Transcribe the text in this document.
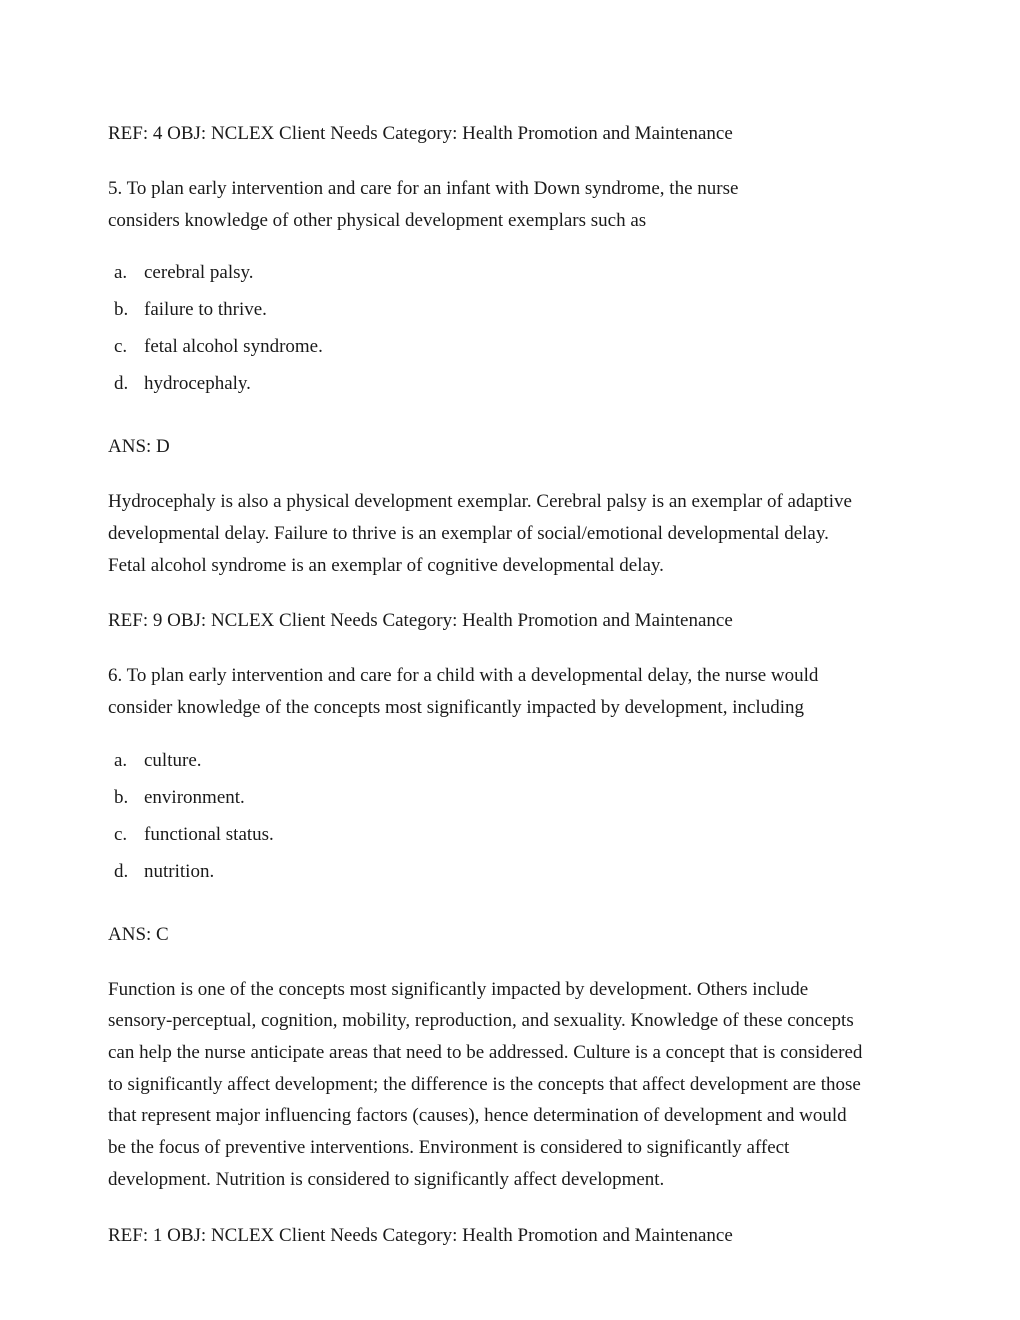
REF: 4 OBJ: NCLEX Client Needs Category: Health Promotion and Maintenance
5. To plan early intervention and care for an infant with Down syndrome, the nurse
considers knowledge of other physical development exemplars such as
a. cerebral palsy.
b. failure to thrive.
c. fetal alcohol syndrome.
d. hydrocephaly.
ANS: D
Hydrocephaly is also a physical development exemplar. Cerebral palsy is an exemplar of adaptive
developmental delay. Failure to thrive is an exemplar of social/emotional developmental delay.
Fetal alcohol syndrome is an exemplar of cognitive developmental delay.
REF: 9 OBJ: NCLEX Client Needs Category: Health Promotion and Maintenance
6. To plan early intervention and care for a child with a developmental delay, the nurse would
consider knowledge of the concepts most significantly impacted by development, including
a. culture.
b. environment.
c. functional status.
d. nutrition.
ANS: C
Function is one of the concepts most significantly impacted by development. Others include
sensory-perceptual, cognition, mobility, reproduction, and sexuality. Knowledge of these concepts
can help the nurse anticipate areas that need to be addressed. Culture is a concept that is considered
to significantly affect development; the difference is the concepts that affect development are those
that represent major influencing factors (causes), hence determination of development and would
be the focus of preventive interventions. Environment is considered to significantly affect
development. Nutrition is considered to significantly affect development.
REF: 1 OBJ: NCLEX Client Needs Category: Health Promotion and Maintenance
